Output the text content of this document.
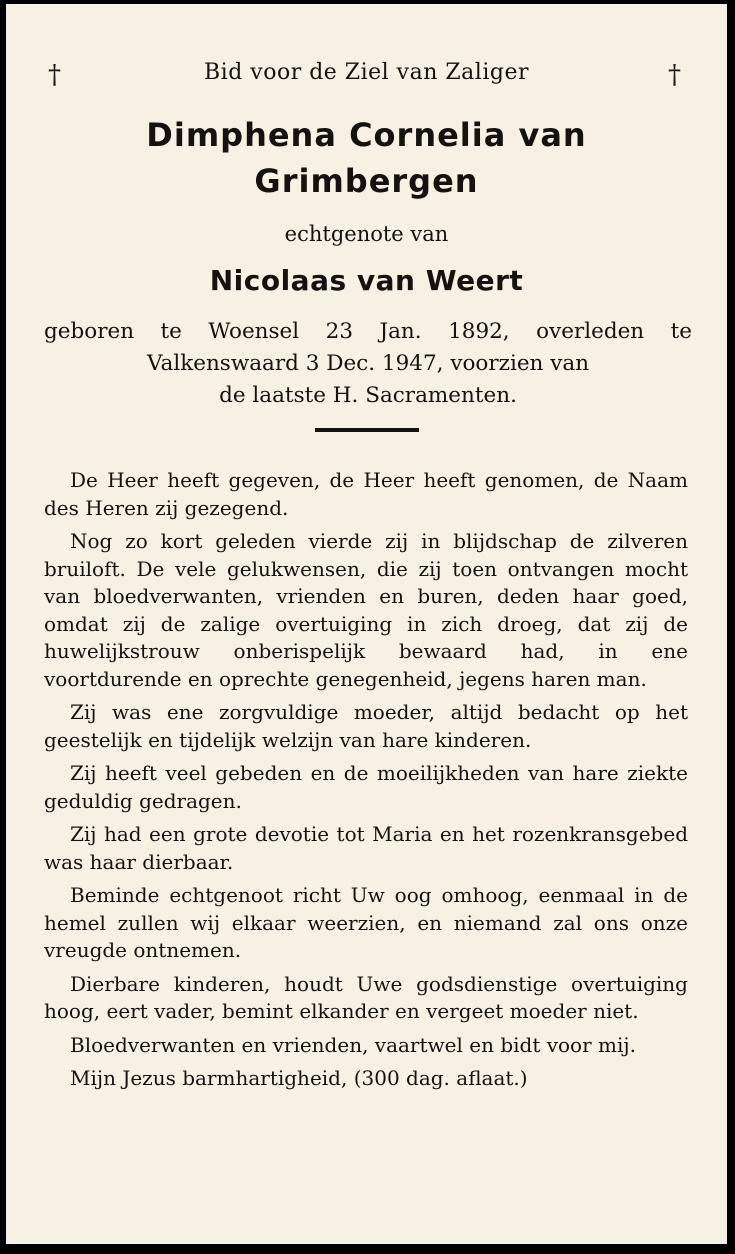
†	†
Bid voor de Ziel van Zaliger
Dimphena Cornelia van
Grimbergen
echtgenote van
Nicolaas van Weert
geboren te Woensel 23 Jan. 1892, overleden te
Valkenswaard 3 Dec. 1947, voorzien van
de laatste H. Sacramenten.

De Heer heeft gegeven, de Heer heeft genomen, de Naam des Heren zij gezegend.

Nog zo kort geleden vierde zij in blijdschap de zilveren bruiloft. De vele gelukwensen, die zij toen ontvangen mocht van bloedverwanten, vrienden en buren, deden haar goed, omdat zij de zalige overtuiging in zich droeg, dat zij de huwelijkstrouw onberispelijk bewaard had, in ene voortdurende en oprechte genegenheid, jegens haren man.

Zij was ene zorgvuldige moeder, altijd bedacht op het geestelijk en tijdelijk welzijn van hare kinderen.

Zij heeft veel gebeden en de moeilijkheden van hare ziekte geduldig gedragen.

Zij had een grote devotie tot Maria en het rozenkransgebed was haar dierbaar.

Beminde echtgenoot richt Uw oog omhoog, eenmaal in de hemel zullen wij elkaar weerzien, en niemand zal ons onze vreugde ontnemen.

Dierbare kinderen, houdt Uwe godsdienstige overtuiging hoog, eert vader, bemint elkander en vergeet moeder niet.

Bloedverwanten en vrienden, vaartwel en bidt voor mij.

Mijn Jezus barmhartigheid, (300 dag. aflaat.)
